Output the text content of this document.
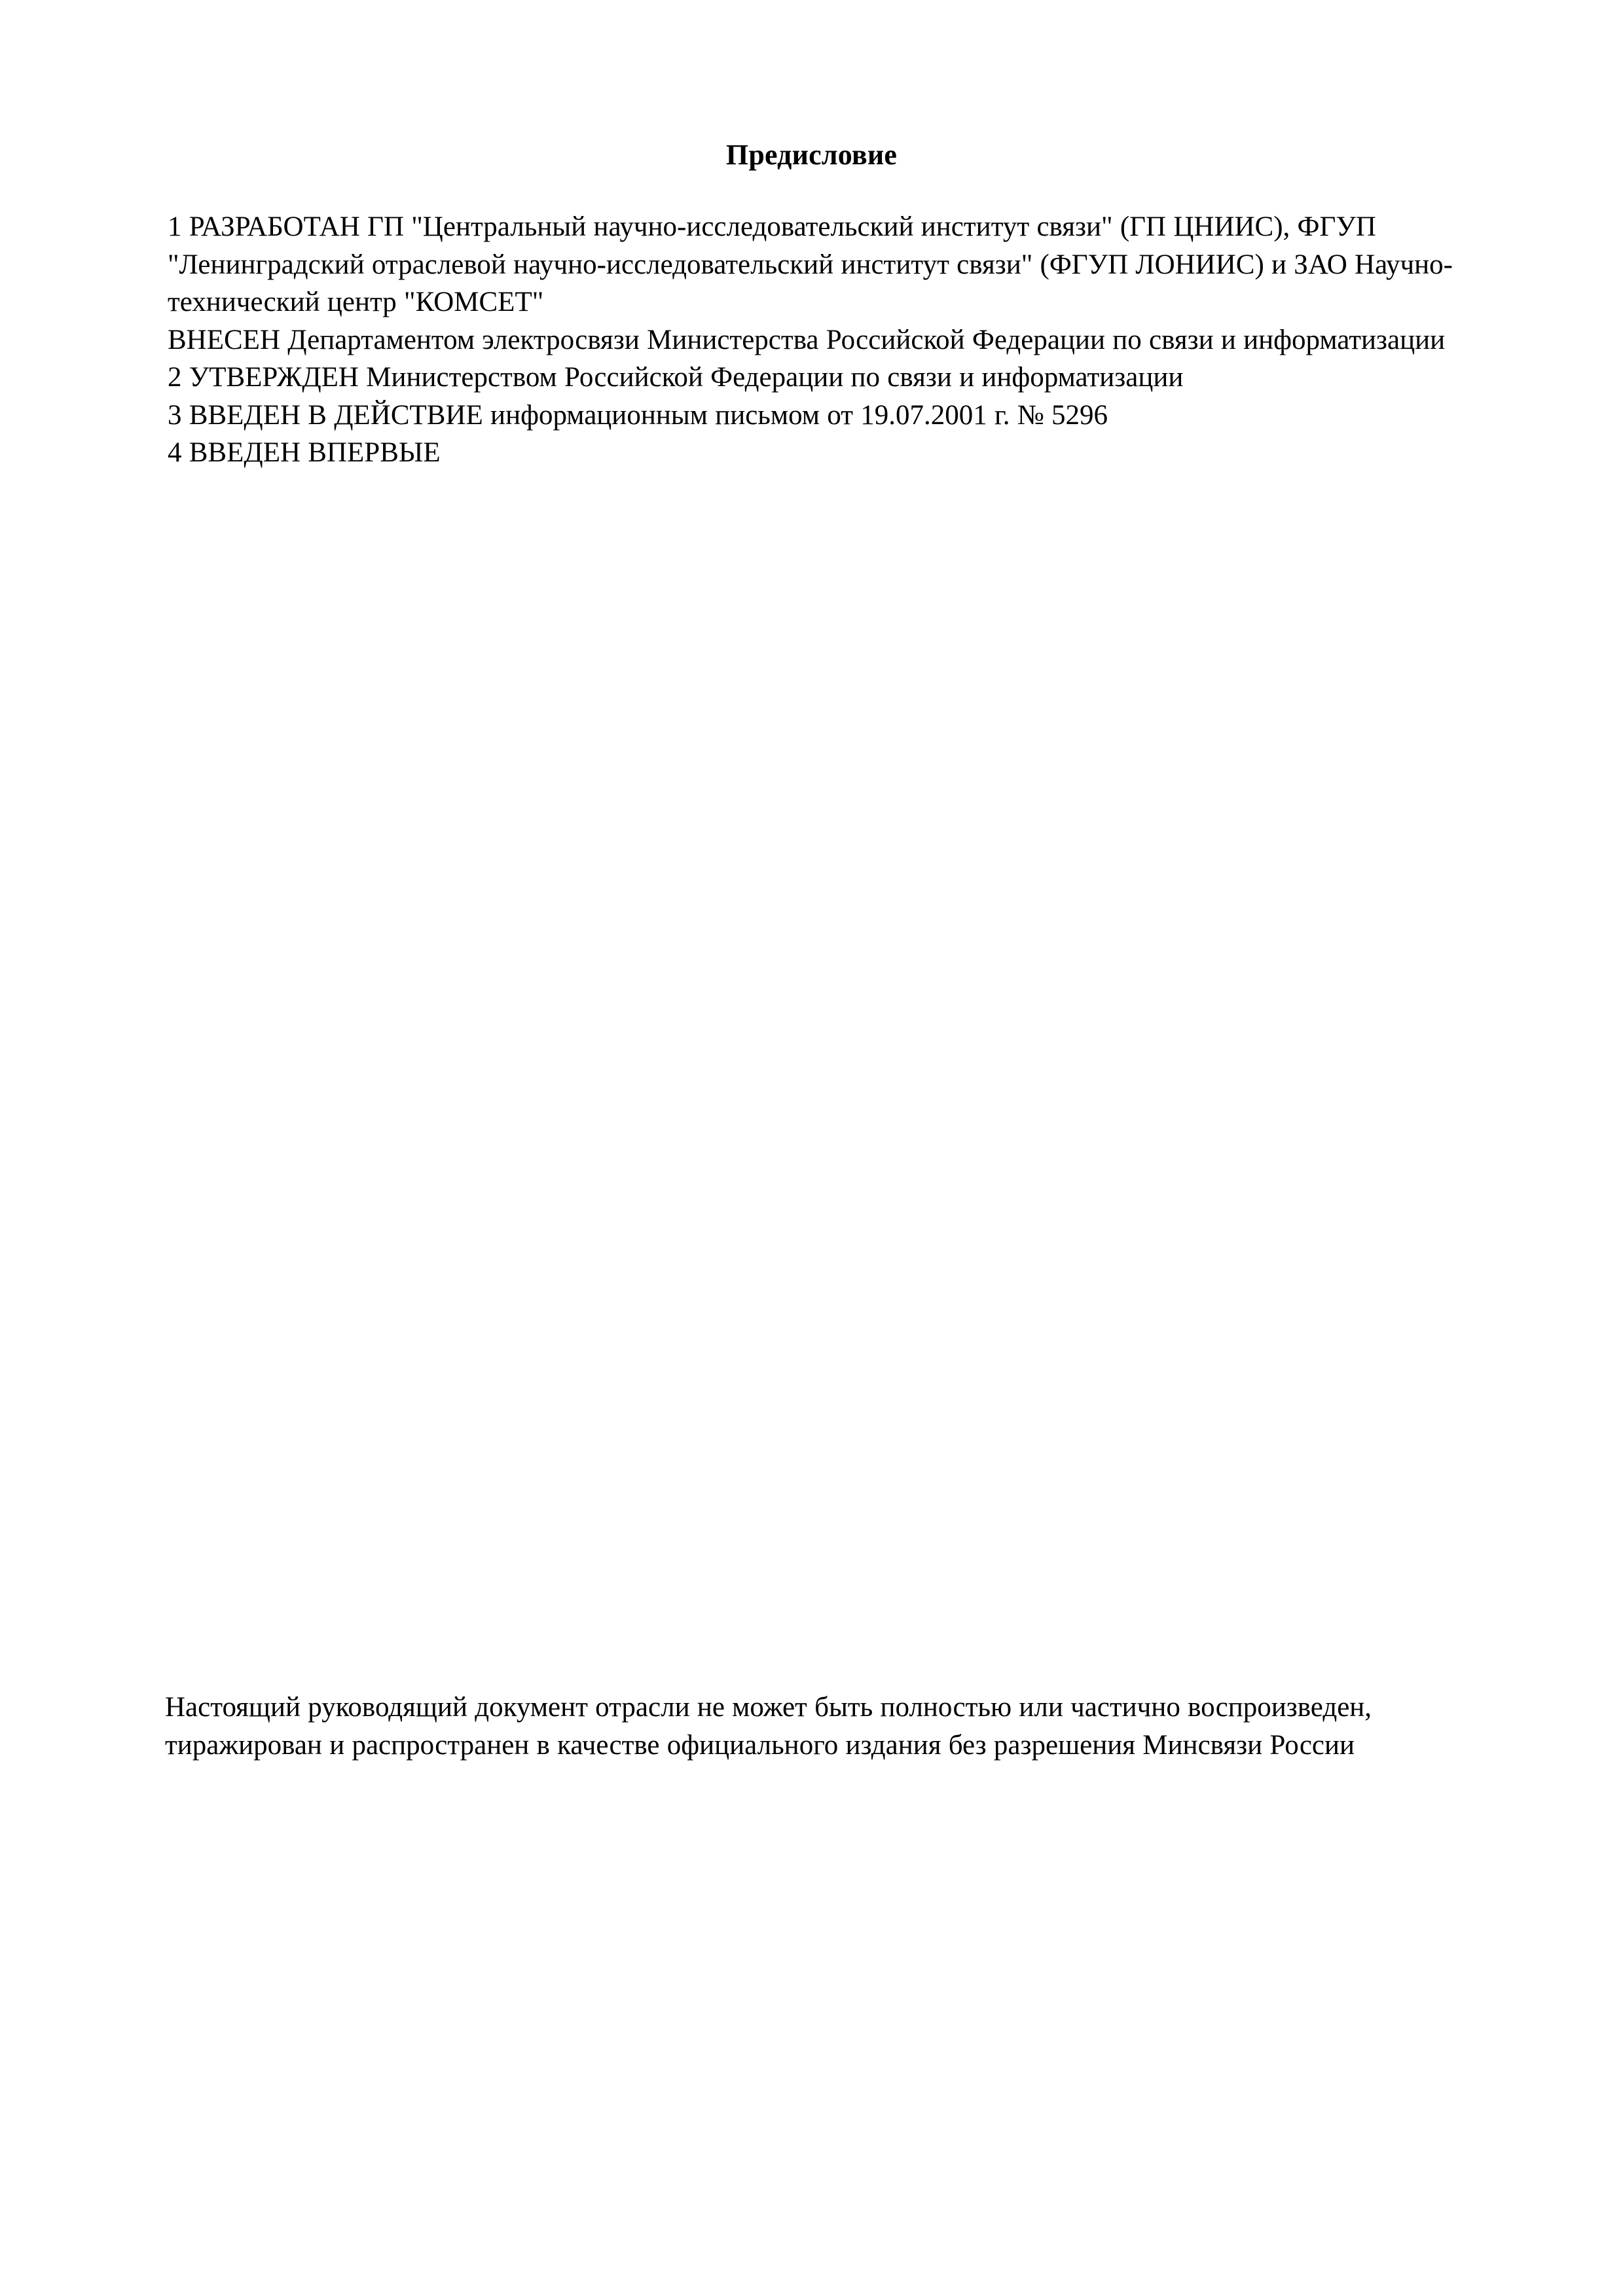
Предисловие

1 РАЗРАБОТАН ГП "Центральный научно-исследовательский институт связи" (ГП ЦНИИС), ФГУП "Ленинградский отраслевой научно-исследовательский институт связи" (ФГУП ЛОНИИС) и ЗАО Научно-технический центр "КОМСЕТ"

ВНЕСЕН Департаментом электросвязи Министерства Российской Федерации по связи и информатизации

2 УТВЕРЖДЕН Министерством Российской Федерации по связи и информатизации

3 ВВЕДЕН В ДЕЙСТВИЕ информационным письмом от 19.07.2001 г. № 5296

4 ВВЕДЕН ВПЕРВЫЕ

Настоящий руководящий документ отрасли не может быть полностью или частично воспроизведен, тиражирован и распространен в качестве официального издания без разрешения Минсвязи России
